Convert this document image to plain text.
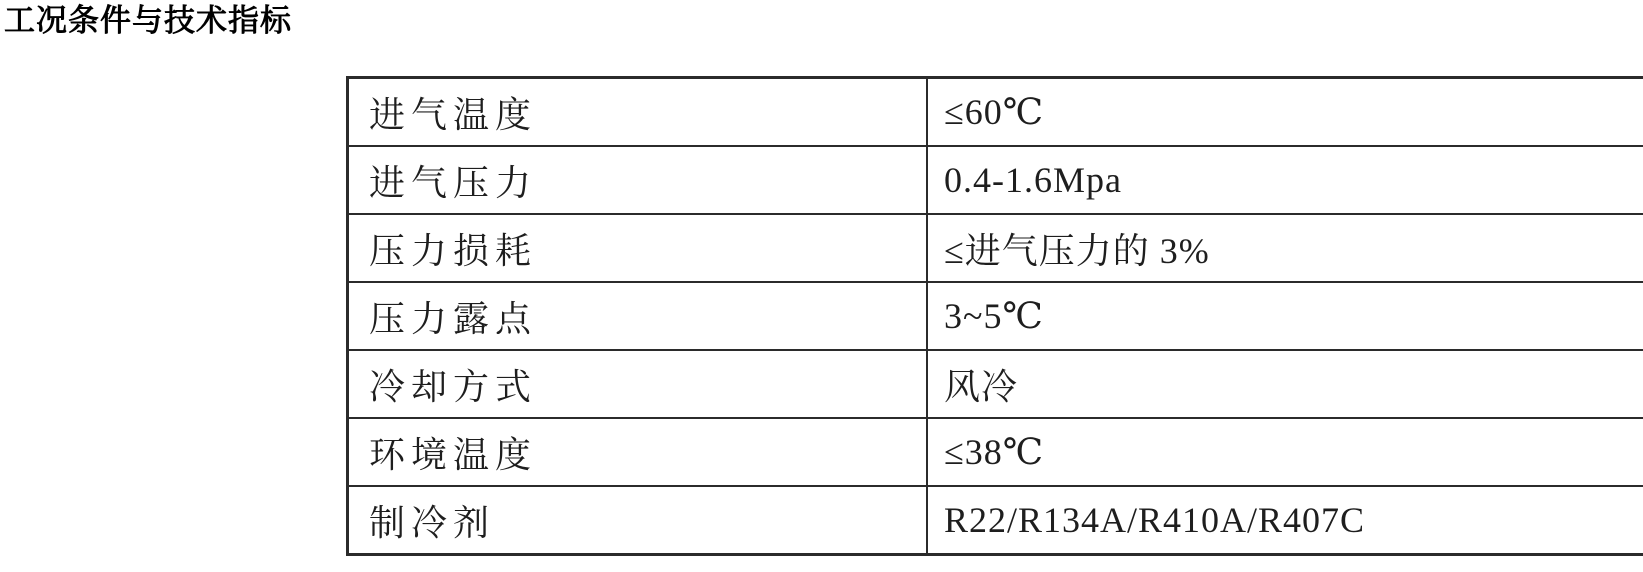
工况条件与技术指标
进气温度	≤60℃
进气压力	0.4-1.6Mpa
压力损耗	≤进气压力的 3%
压力露点	3~5℃
冷却方式	风冷
环境温度	≤38℃
制冷剂	R22/R134A/R410A/R407C
